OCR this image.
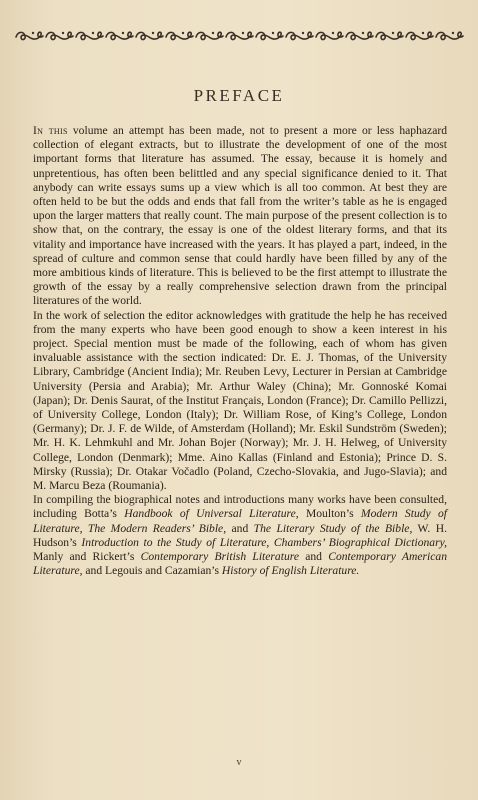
PREFACE

In this volume an attempt has been made, not to present a more or less haphazard collection of elegant extracts, but to illustrate the development of one of the most important forms that literature has assumed. The essay, because it is homely and unpretentious, has often been belittled and any special significance denied to it. That anybody can write essays sums up a view which is all too common. At best they are often held to be but the odds and ends that fall from the writer’s table as he is engaged upon the larger matters that really count. The main purpose of the present collection is to show that, on the contrary, the essay is one of the oldest literary forms, and that its vitality and importance have increased with the years. It has played a part, indeed, in the spread of culture and common sense that could hardly have been filled by any of the more ambitious kinds of literature. This is believed to be the first attempt to illustrate the growth of the essay by a really comprehensive selection drawn from the principal literatures of the world.

In the work of selection the editor acknowledges with gratitude the help he has received from the many experts who have been good enough to show a keen interest in his project. Special mention must be made of the following, each of whom has given invaluable assistance with the section indicated: Dr. E. J. Thomas, of the University Library, Cambridge (Ancient India); Mr. Reuben Levy, Lecturer in Persian at Cambridge University (Persia and Arabia); Mr. Arthur Waley (China); Mr. Gonnoské Komai (Japan); Dr. Denis Saurat, of the Institut Français, London (France); Dr. Camillo Pellizzi, of University College, London (Italy); Dr. William Rose, of King’s College, London (Germany); Dr. J. F. de Wilde, of Amsterdam (Holland); Mr. Eskil Sundström (Sweden); Mr. H. K. Lehmkuhl and Mr. Johan Bojer (Norway); Mr. J. H. Helweg, of University College, London (Denmark); Mme. Aino Kallas (Finland and Estonia); Prince D. S. Mirsky (Russia); Dr. Otakar Vočadlo (Poland, Czecho-Slovakia, and Jugo-Slavia); and M. Marcu Beza (Roumania).

In compiling the biographical notes and introductions many works have been consulted, including Botta’s Handbook of Universal Literature, Moulton’s Modern Study of Literature, The Modern Readers’ Bible, and The Literary Study of the Bible, W. H. Hudson’s Introduction to the Study of Literature, Chambers’ Biographical Dictionary, Manly and Rickert’s Contemporary British Literature and Contemporary American Literature, and Legouis and Cazamian’s History of English Literature.

v
